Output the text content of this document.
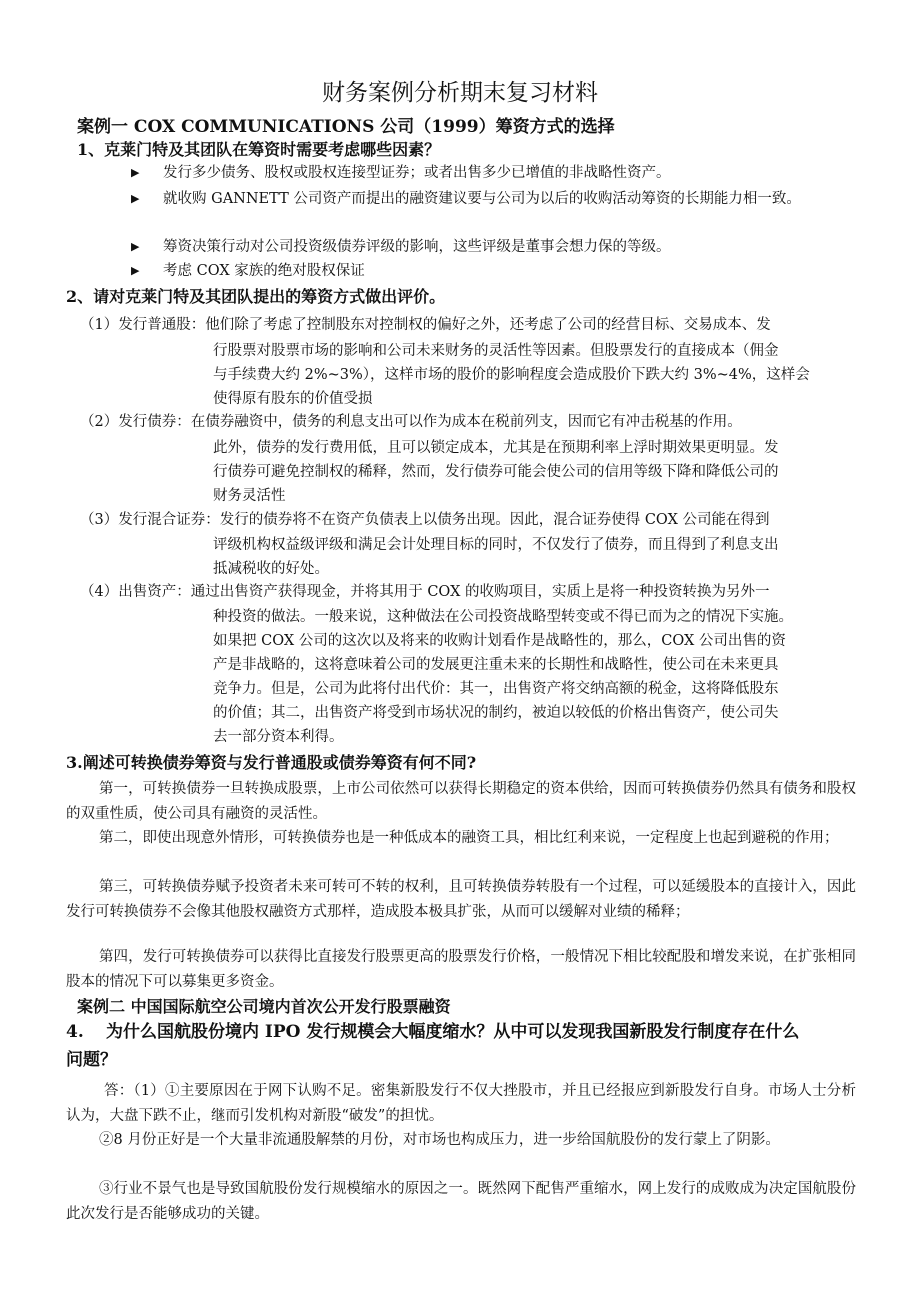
财务案例分析期末复习材料
案例一 COX COMMUNICATIONS 公司（1999）筹资方式的选择
1、克莱门特及其团队在筹资时需要考虑哪些因素？
▶ 发行多少债务、股权或股权连接型证券；或者出售多少已增值的非战略性资产。
▶ 就收购 GANNETT 公司资产而提出的融资建议要与公司为以后的收购活动筹资的长期能力相一致。
▶ 筹资决策行动对公司投资级债券评级的影响，这些评级是董事会想力保的等级。
▶ 考虑 COX 家族的绝对股权保证
2、请对克莱门特及其团队提出的筹资方式做出评价。
（1）发行普通股：他们除了考虑了控制股东对控制权的偏好之外，还考虑了公司的经营目标、交易成本、发
行股票对股票市场的影响和公司未来财务的灵活性等因素。但股票发行的直接成本（佣金
与手续费大约 2%~3%），这样市场的股价的影响程度会造成股价下跌大约 3%~4%，这样会
使得原有股东的价值受损
（2）发行债券：在债券融资中，债务的利息支出可以作为成本在税前列支，因而它有冲击税基的作用。
此外，债券的发行费用低，且可以锁定成本，尤其是在预期利率上浮时期效果更明显。发
行债券可避免控制权的稀释，然而，发行债券可能会使公司的信用等级下降和降低公司的
财务灵活性
（3）发行混合证券：发行的债券将不在资产负债表上以债务出现。因此，混合证券使得 COX 公司能在得到
评级机构权益级评级和满足会计处理目标的同时，不仅发行了债券，而且得到了利息支出
抵减税收的好处。
（4）出售资产：通过出售资产获得现金，并将其用于 COX 的收购项目，实质上是将一种投资转换为另外一
种投资的做法。一般来说，这种做法在公司投资战略型转变或不得已而为之的情况下实施。
如果把 COX 公司的这次以及将来的收购计划看作是战略性的，那么，COX 公司出售的资
产是非战略的，这将意味着公司的发展更注重未来的长期性和战略性，使公司在未来更具
竞争力。但是，公司为此将付出代价：其一，出售资产将交纳高额的税金，这将降低股东
的价值；其二，出售资产将受到市场状况的制约，被迫以较低的价格出售资产，使公司失
去一部分资本利得。
3.阐述可转换债券筹资与发行普通股或债券筹资有何不同?
第一，可转换债券一旦转换成股票，上市公司依然可以获得长期稳定的资本供给，因而可转换债券仍然具有债务和股权的双重性质，使公司具有融资的灵活性。
第二，即使出现意外情形，可转换债券也是一种低成本的融资工具，相比红利来说，一定程度上也起到避税的作用；
第三，可转换债券赋予投资者未来可转可不转的权利，且可转换债券转股有一个过程，可以延缓股本的直接计入，因此发行可转换债券不会像其他股权融资方式那样，造成股本极具扩张，从而可以缓解对业绩的稀释；
第四，发行可转换债券可以获得比直接发行股票更高的股票发行价格，一般情况下相比较配股和增发来说，在扩张相同股本的情况下可以募集更多资金。
案例二 中国国际航空公司境内首次公开发行股票融资
4. 为什么国航股份境内 IPO 发行规模会大幅度缩水？从中可以发现我国新股发行制度存在什么
问题？
答：（1）①主要原因在于网下认购不足。密集新股发行不仅大挫股市，并且已经报应到新股发行自身。市场人士分析认为，大盘下跌不止，继而引发机构对新股“破发”的担忧。
②8 月份正好是一个大量非流通股解禁的月份，对市场也构成压力，进一步给国航股份的发行蒙上了阴影。
③行业不景气也是导致国航股份发行规模缩水的原因之一。既然网下配售严重缩水，网上发行的成败成为决定国航股份此次发行是否能够成功的关键。
